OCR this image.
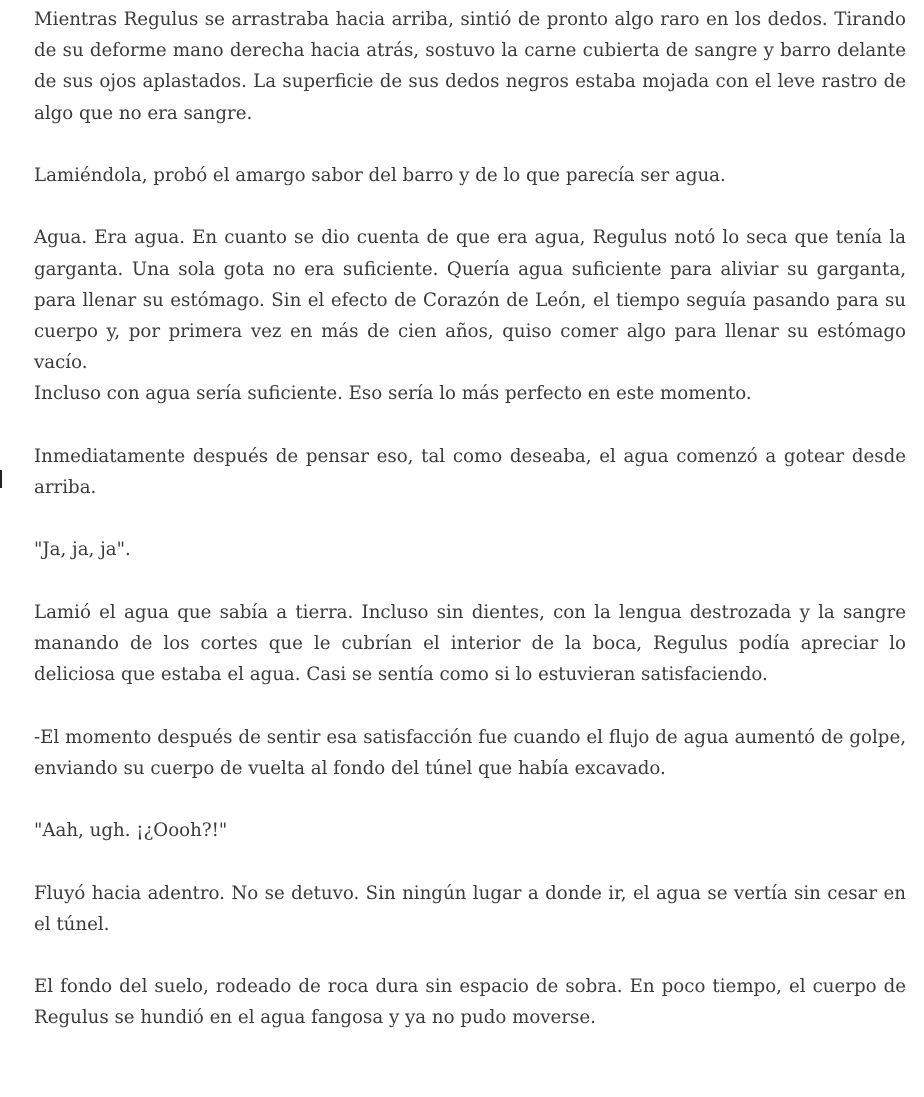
Mientras Regulus se arrastraba hacia arriba, sintió de pronto algo raro en los dedos. Tirando de su deforme mano derecha hacia atrás, sostuvo la carne cubierta de sangre y barro delante de sus ojos aplastados. La superficie de sus dedos negros estaba mojada con el leve rastro de algo que no era sangre.

Lamiéndola, probó el amargo sabor del barro y de lo que parecía ser agua.

Agua. Era agua. En cuanto se dio cuenta de que era agua, Regulus notó lo seca que tenía la garganta. Una sola gota no era suficiente. Quería agua suficiente para aliviar su garganta, para llenar su estómago. Sin el efecto de Corazón de León, el tiempo seguía pasando para su cuerpo y, por primera vez en más de cien años, quiso comer algo para llenar su estómago vacío.

Incluso con agua sería suficiente. Eso sería lo más perfecto en este momento.

Inmediatamente después de pensar eso, tal como deseaba, el agua comenzó a gotear desde arriba.

"Ja, ja, ja".

Lamió el agua que sabía a tierra. Incluso sin dientes, con la lengua destrozada y la sangre manando de los cortes que le cubrían el interior de la boca, Regulus podía apreciar lo deliciosa que estaba el agua. Casi se sentía como si lo estuvieran satisfaciendo.

-El momento después de sentir esa satisfacción fue cuando el flujo de agua aumentó de golpe, enviando su cuerpo de vuelta al fondo del túnel que había excavado.

"Aah, ugh. ¡¿Oooh?!"

Fluyó hacia adentro. No se detuvo. Sin ningún lugar a donde ir, el agua se vertía sin cesar en el túnel.

El fondo del suelo, rodeado de roca dura sin espacio de sobra. En poco tiempo, el cuerpo de Regulus se hundió en el agua fangosa y ya no pudo moverse.
